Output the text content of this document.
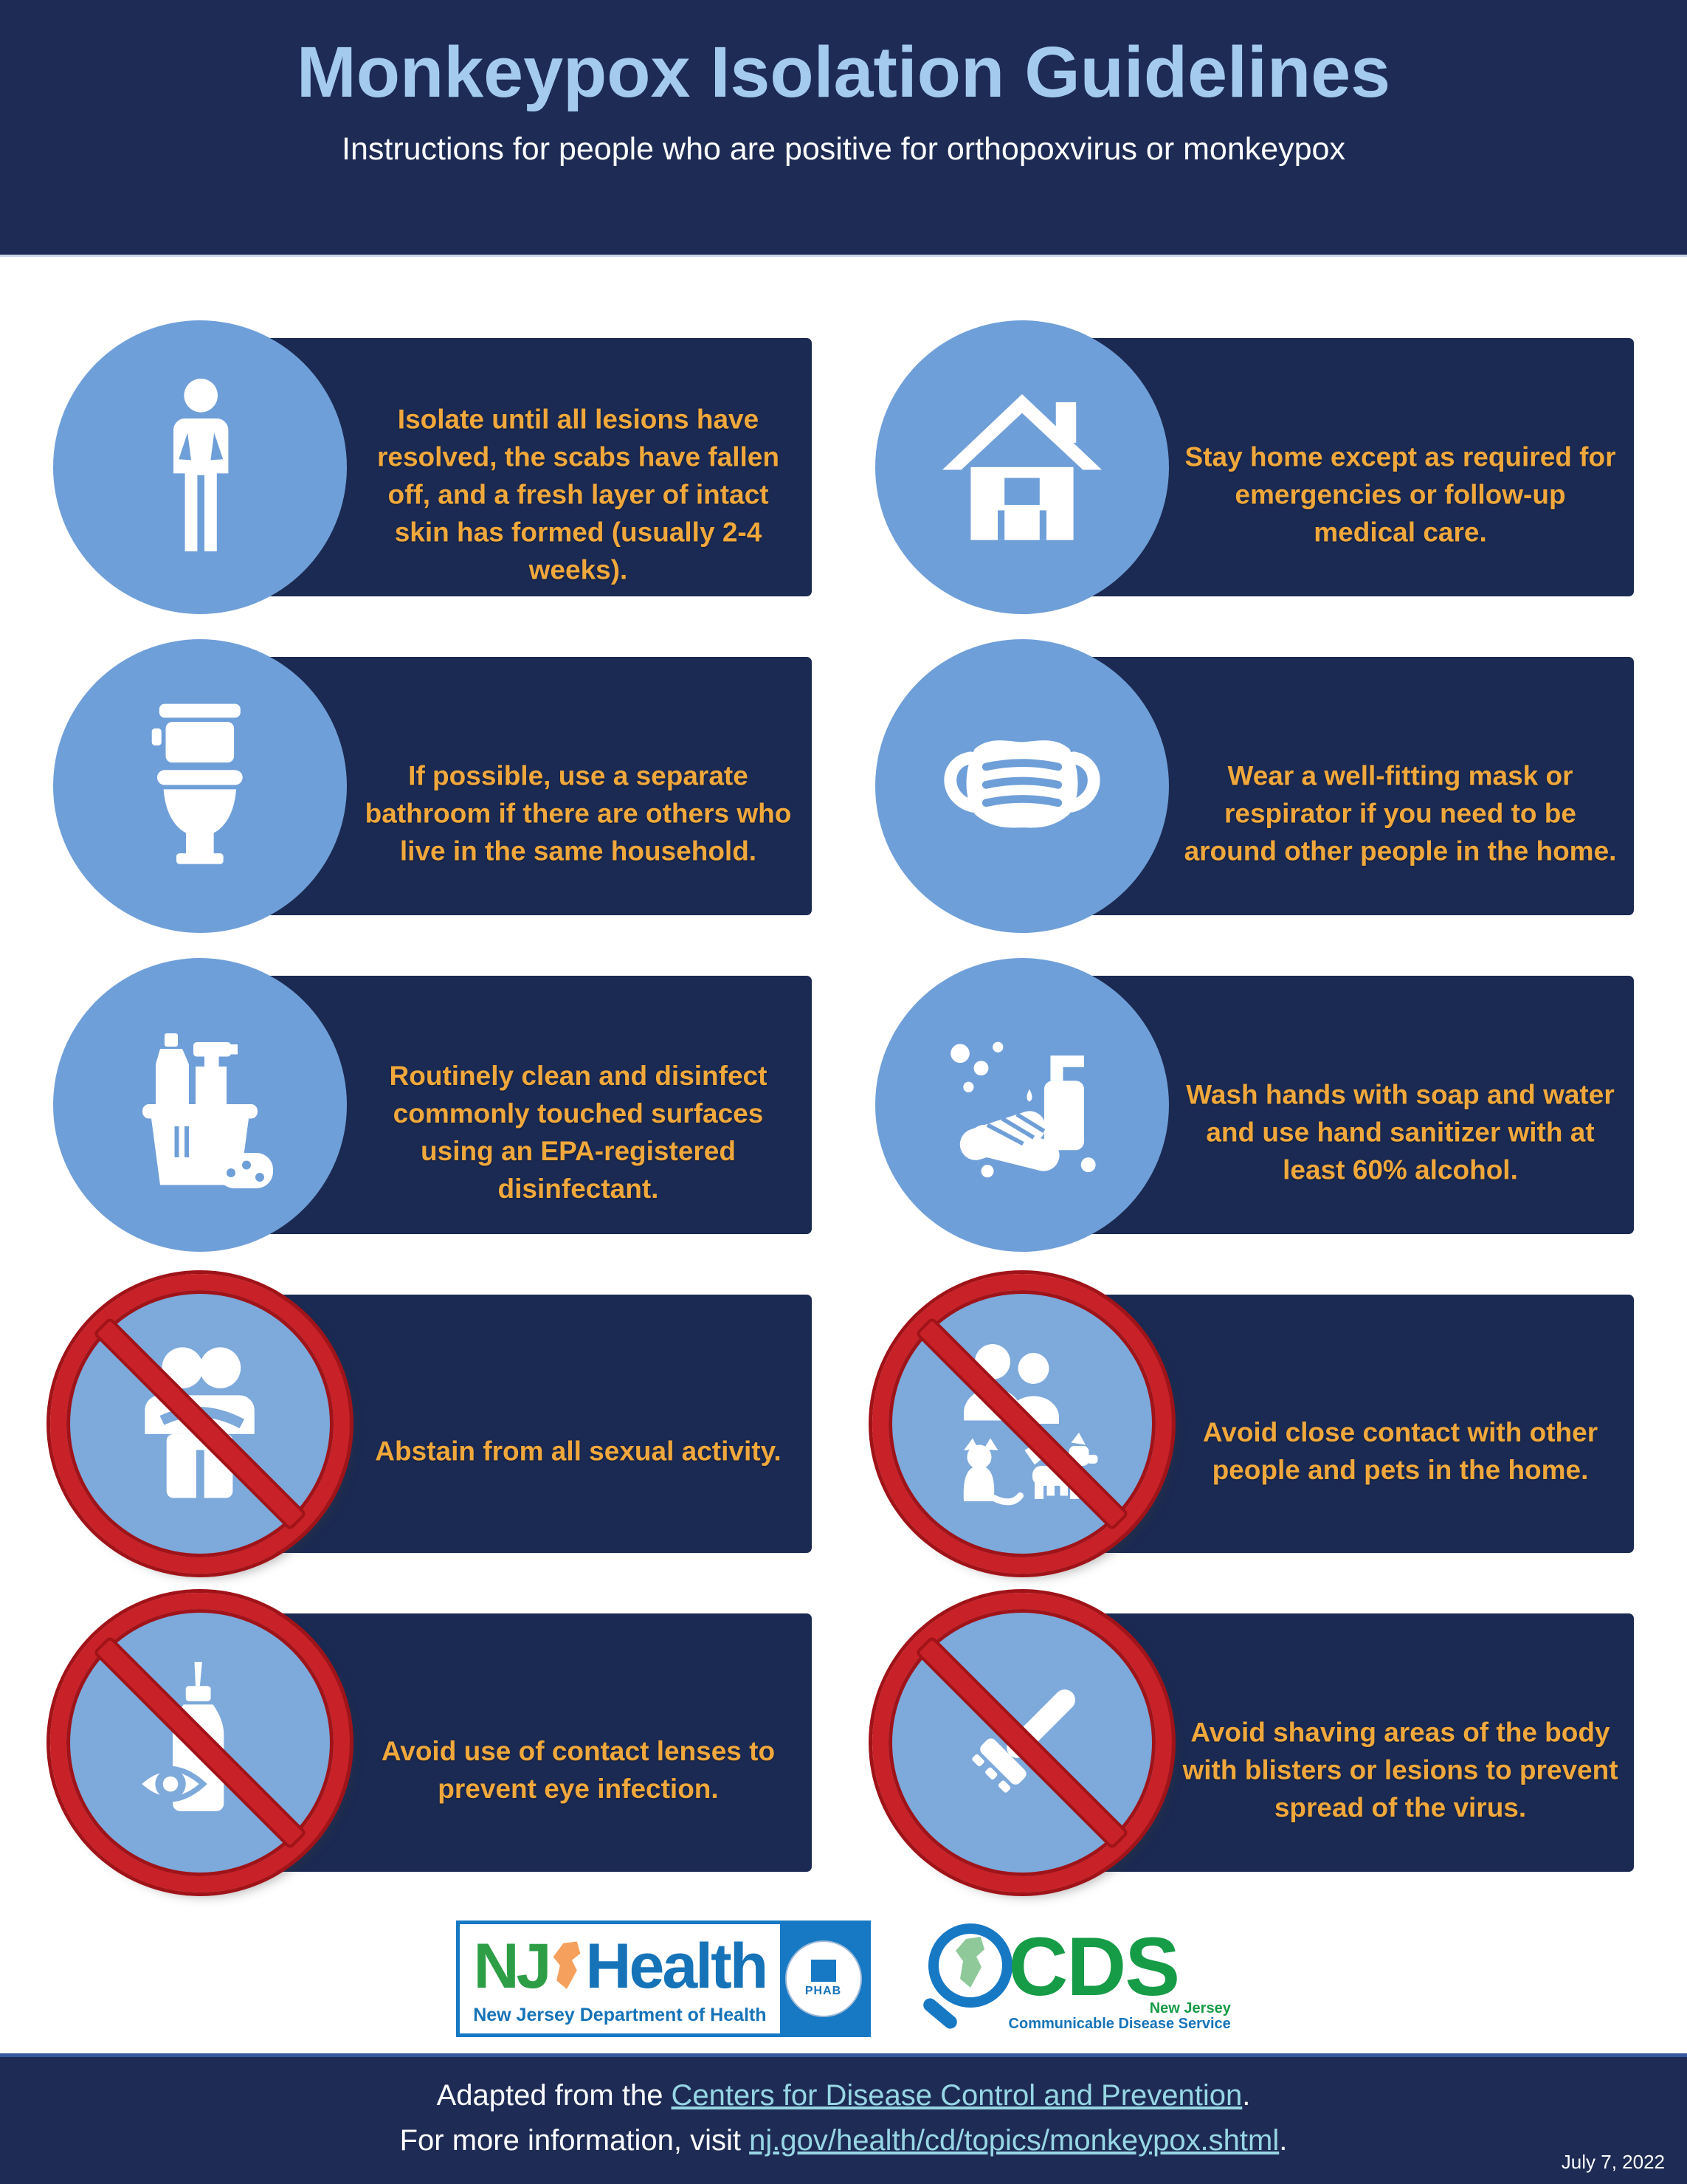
Monkeypox Isolation Guidelines

Instructions for people who are positive for orthopoxvirus or monkeypox

Isolate until all lesions have resolved, the scabs have fallen off, and a fresh layer of intact skin has formed (usually 2-4 weeks).

Stay home except as required for emergencies or follow-up medical care.

If possible, use a separate bathroom if there are others who live in the same household.

Wear a well-fitting mask or respirator if you need to be around other people in the home.

Routinely clean and disinfect commonly touched surfaces using an EPA-registered disinfectant.

Wash hands with soap and water and use hand sanitizer with at least 60% alcohol.

Abstain from all sexual activity.

Avoid close contact with other people and pets in the home.

Avoid use of contact lenses to prevent eye infection.

Avoid shaving areas of the body with blisters or lesions to prevent spread of the virus.

NJ Health
New Jersey Department of Health
PHAB CDS
New Jersey
Communicable Disease Service

Adapted from the Centers for Disease Control and Prevention.

For more information, visit nj.gov/health/cd/topics/monkeypox.shtml.

July 7, 2022
